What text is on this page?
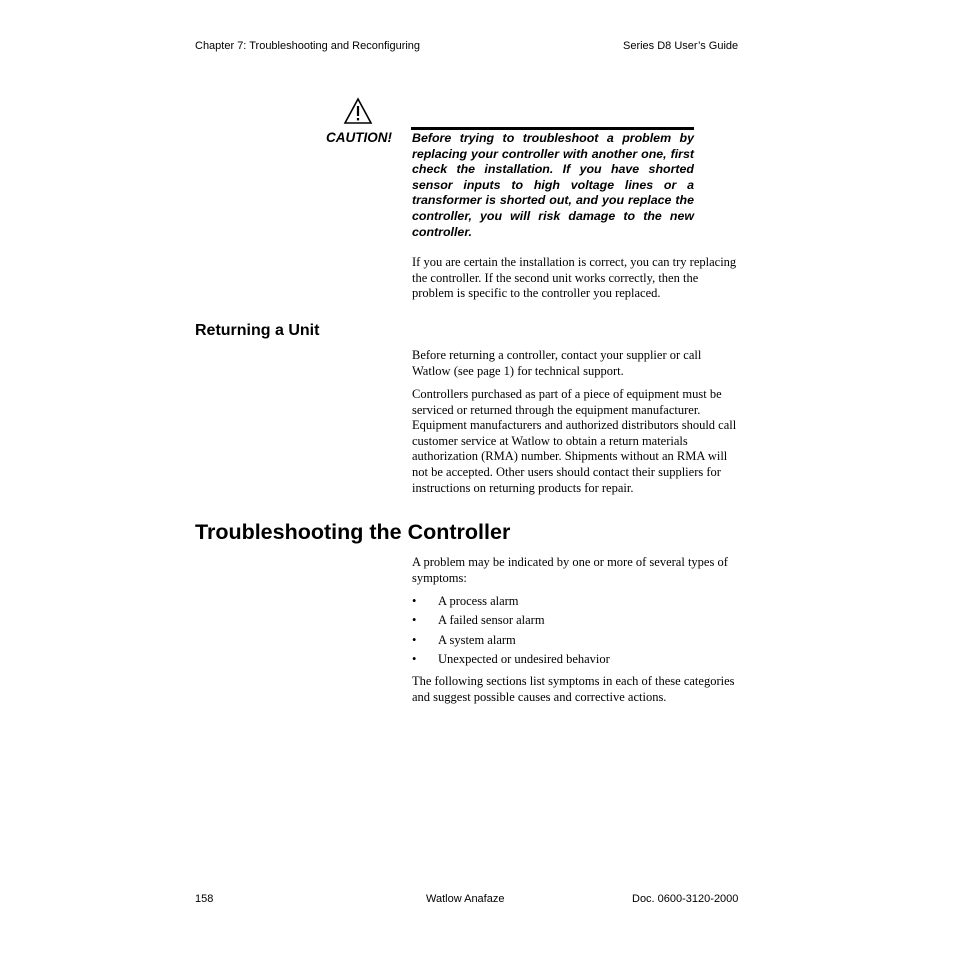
Chapter 7: Troubleshooting and Reconfiguring	Series D8 User’s Guide
CAUTION! Before trying to troubleshoot a problem by replacing your controller with another one, first check the installation. If you have shorted sensor inputs to high voltage lines or a transformer is shorted out, and you replace the controller, you will risk damage to the new controller.

If you are certain the installation is correct, you can try replacing the controller. If the second unit works correctly, then the problem is specific to the controller you replaced.

Returning a Unit

Before returning a controller, contact your supplier or call Watlow (see page 1) for technical support.

Controllers purchased as part of a piece of equipment must be serviced or returned through the equipment manufacturer. Equipment manufacturers and authorized distributors should call customer service at Watlow to obtain a return materials authorization (RMA) number. Shipments without an RMA will not be accepted. Other users should contact their suppliers for instructions on returning products for repair.

Troubleshooting the Controller

A problem may be indicated by one or more of several types of symptoms:

• A process alarm
• A failed sensor alarm
• A system alarm
• Unexpected or undesired behavior

The following sections list symptoms in each of these categories and suggest possible causes and corrective actions.

158	Watlow Anafaze	Doc. 0600-3120-2000
